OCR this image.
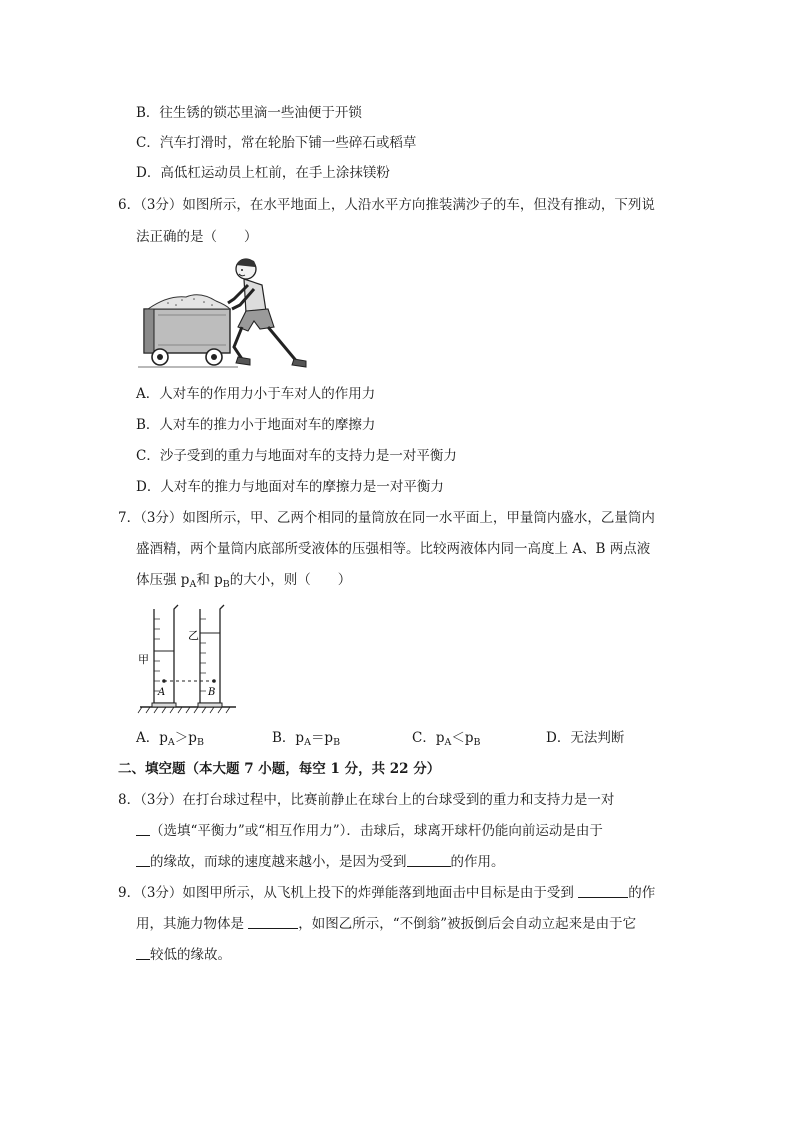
B．往生锈的锁芯里滴一些油便于开锁
C．汽车打滑时，常在轮胎下铺一些碎石或稻草
D．高低杠运动员上杠前，在手上涂抹镁粉
6．（3分）如图所示，在水平地面上，人沿水平方向推装满沙子的车，但没有推动，下列说
法正确的是（　　）
A．人对车的作用力小于车对人的作用力
B．人对车的推力小于地面对车的摩擦力
C．沙子受到的重力与地面对车的支持力是一对平衡力
D．人对车的推力与地面对车的摩擦力是一对平衡力
7．（3分）如图所示，甲、乙两个相同的量筒放在同一水平面上，甲量筒内盛水，乙量筒内
盛酒精，两个量筒内底部所受液体的压强相等。比较两液体内同一高度上 A、B 两点液
体压强 $p_A$和 $p_B$的大小，则（　　）
甲
乙
A	B
A．$p_A>p_B$	B．$p_A=p_B$	C．$p_A<p_B$	D．无法判断
二、填空题（本大题 7 小题，每空 1 分，共 22 分）
8．（3分）在打台球过程中，比赛前静止在球台上的台球受到的重力和支持力是一对
（选填“平衡力”或“相互作用力”）．击球后，球离开球杆仍能向前运动是由于
的缘故，而球的速度越来越小，是因为受到	的作用。
9．（3分）如图甲所示，从飞机上投下的炸弹能落到地面击中目标是由于受到	的作
用，其施力物体是	，如图乙所示，“不倒翁”被扳倒后会自动立起来是由于它
较低的缘故。
